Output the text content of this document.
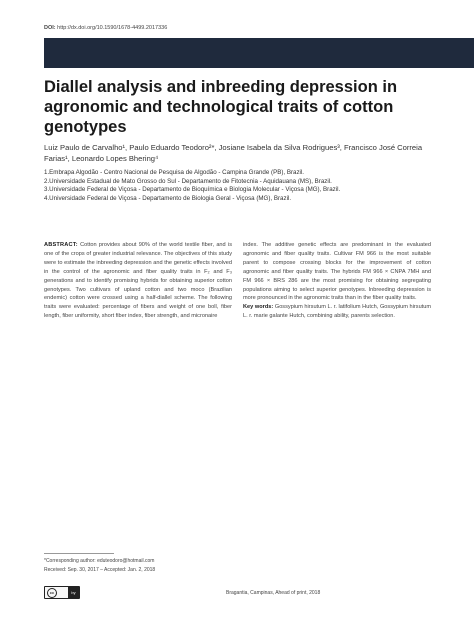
DOI: http://dx.doi.org/10.1590/1678-4499.2017336
Diallel analysis and inbreeding depression in agronomic and technological traits of cotton genotypes
Luiz Paulo de Carvalho¹, Paulo Eduardo Teodoro²*, Josiane Isabela da Silva Rodrigues³, Francisco José Correia Farias¹, Leonardo Lopes Bhering⁴
1.Embrapa Algodão - Centro Nacional de Pesquisa de Algodão - Campina Grande (PB), Brazil.
2.Universidade Estadual de Mato Grosso do Sul - Departamento de Fitotecnia - Aquidauana (MS), Brazil.
3.Universidade Federal de Viçosa - Departamento de Bioquímica e Biologia Molecular - Viçosa (MG), Brazil.
4.Universidade Federal de Viçosa - Departamento de Biologia Geral - Viçosa (MG), Brazil.
ABSTRACT: Cotton provides about 90% of the world textile fiber, and is one of the crops of greater industrial relevance. The objectives of this study were to estimate the inbreeding depression and the genetic effects involved in the control of the agronomic and fiber quality traits in F₂ and F₃ generations and to identify promising hybrids for obtaining superior cotton genotypes. Two cultivars of upland cotton and two moco (Brazilian endemic) cotton were crossed using a half-diallel scheme. The following traits were evaluated: percentage of fibers and weight of one boll, fiber length, fiber uniformity, short fiber index, fiber strength, and micronaire
index. The additive genetic effects are predominant in the evaluated agronomic and fiber quality traits. Cultivar FM 966 is the most suitable parent to compose crossing blocks for the improvement of cotton agronomic and fiber quality traits. The hybrids FM 966 × CNPA 7MH and FM 966 × BRS 286 are the most promising for obtaining segregating populations aiming to select superior genotypes. Inbreeding depression is more pronounced in the agronomic traits than in the fiber quality traits.
Key words: Gossypium hirsutum L. r. latifolium Hutch, Gossypium hirsutum L. r. marie galante Hutch, combining ability, parents selection.
*Corresponding author: eduteodoro@hotmail.com
Received: Sep. 30, 2017 – Accepted: Jan. 2, 2018
cc	by	Bragantia, Campinas, Ahead of print, 2018
